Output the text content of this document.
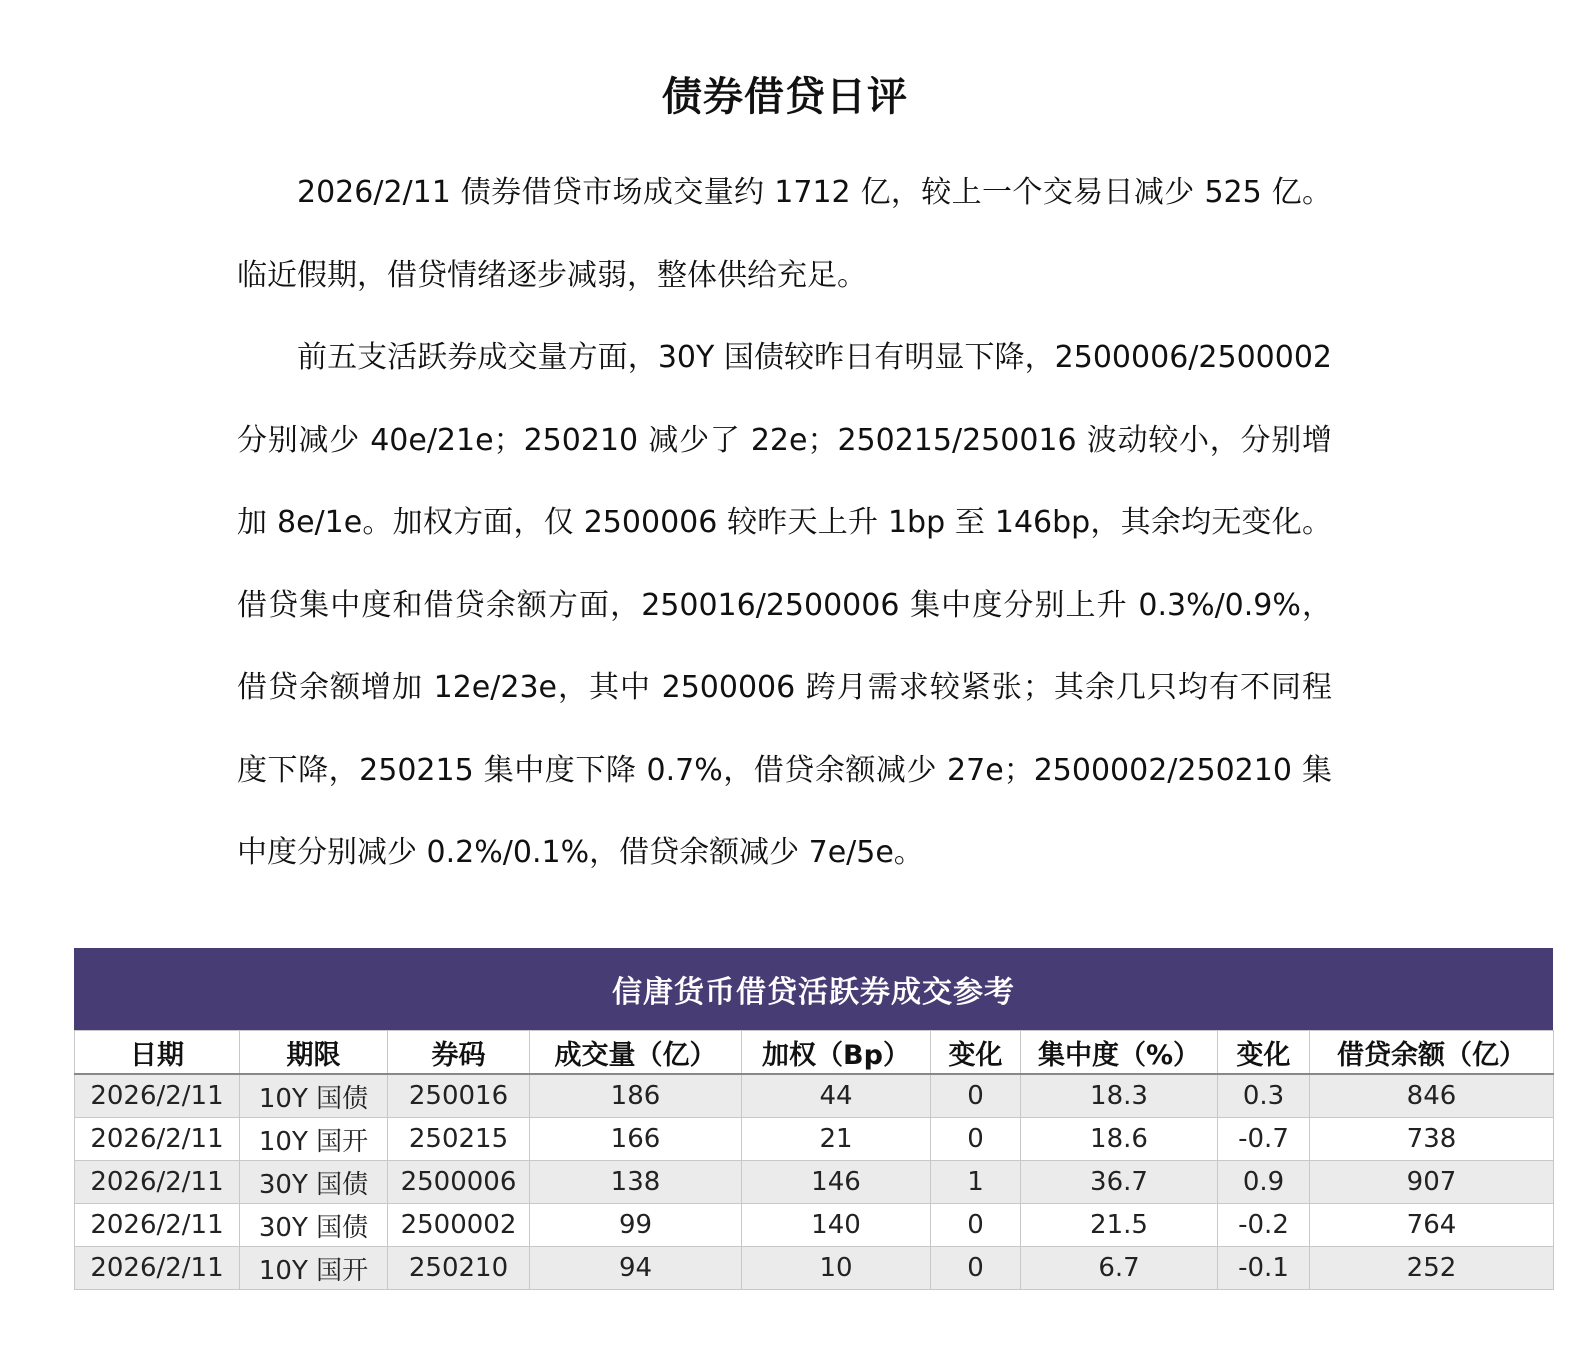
债券借贷日评

2026/2/11 债券借贷市场成交量约 1712 亿，较上一个交易日减少 525 亿。临近假期，借贷情绪逐步减弱，整体供给充足。

前五支活跃券成交量方面，30Y 国债较昨日有明显下降，2500006/2500002 分别减少 40e/21e；250210 减少了 22e；250215/250016 波动较小，分别增加 8e/1e。加权方面，仅 2500006 较昨天上升 1bp 至 146bp，其余均无变化。借贷集中度和借贷余额方面，250016/2500006 集中度分别上升 0.3%/0.9%，借贷余额增加 12e/23e，其中 2500006 跨月需求较紧张；其余几只均有不同程度下降，250215 集中度下降 0.7%，借贷余额减少 27e；2500002/250210 集中度分别减少 0.2%/0.1%，借贷余额减少 7e/5e。

信唐货币借贷活跃券成交参考
日期	期限	券码	成交量（亿）	加权（Bp）	变化	集中度（%）	变化	借贷余额（亿）
2026/2/11	10Y 国债	250016	186	44	0	18.3	0.3	846
2026/2/11	10Y 国开	250215	166	21	0	18.6	-0.7	738
2026/2/11	30Y 国债	2500006	138	146	1	36.7	0.9	907
2026/2/11	30Y 国债	2500002	99	140	0	21.5	-0.2	764
2026/2/11	10Y 国开	250210	94	10	0	6.7	-0.1	252
